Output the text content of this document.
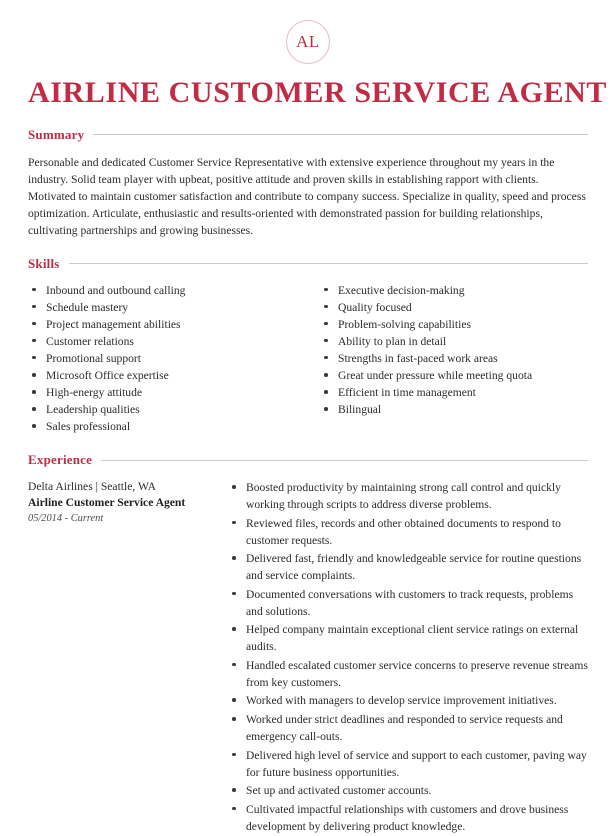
AL
AIRLINE CUSTOMER SERVICE AGENT
Summary

Personable and dedicated Customer Service Representative with extensive experience throughout my years in the industry. Solid team player with upbeat, positive attitude and proven skills in establishing rapport with clients. Motivated to maintain customer satisfaction and contribute to company success. Specialize in quality, speed and process optimization. Articulate, enthusiastic and results-oriented with demonstrated passion for building relationships, cultivating partnerships and growing businesses.

Skills
Inbound and outbound calling
Schedule mastery
Project management abilities
Customer relations
Promotional support
Microsoft Office expertise
High-energy attitude
Leadership qualities
Sales professional
Executive decision-making
Quality focused
Problem-solving capabilities
Ability to plan in detail
Strengths in fast-paced work areas
Great under pressure while meeting quota
Efficient in time management
Bilingual
Experience
Delta Airlines | Seattle, WA
Airline Customer Service Agent
05/2014 - Current
Boosted productivity by maintaining strong call control and quickly working through scripts to address diverse problems.
Reviewed files, records and other obtained documents to respond to customer requests.
Delivered fast, friendly and knowledgeable service for routine questions and service complaints.
Documented conversations with customers to track requests, problems and solutions.
Helped company maintain exceptional client service ratings on external audits.
Handled escalated customer service concerns to preserve revenue streams from key customers.
Worked with managers to develop service improvement initiatives.
Worked under strict deadlines and responded to service requests and emergency call-outs.
Delivered high level of service and support to each customer, paving way for future business opportunities.
Set up and activated customer accounts.
Cultivated impactful relationships with customers and drove business development by delivering product knowledge.
